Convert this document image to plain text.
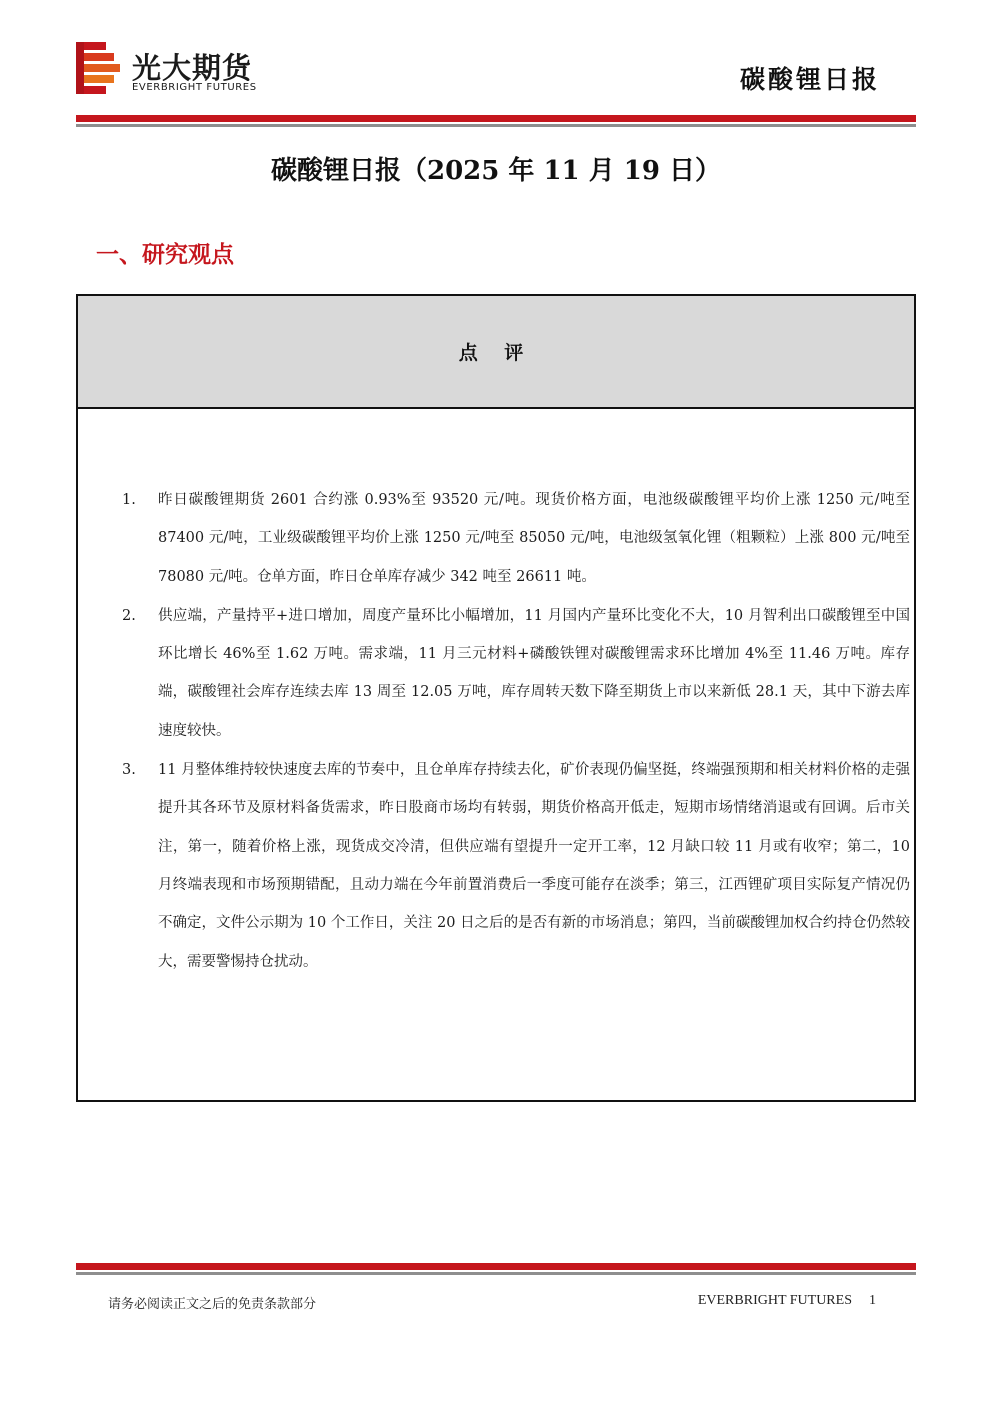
光大期货
EVERBRIGHT FUTURES	碳酸锂日报
碳酸锂日报（2025 年 11 月 19 日）
一、研究观点
点 评
1. 昨日碳酸锂期货 2601 合约涨 0.93%至 93520 元/吨。现货价格方面，电池级碳酸锂平均价上涨 1250 元/吨至 87400 元/吨，工业级碳酸锂平均价上涨 1250 元/吨至 85050 元/吨，电池级氢氧化锂（粗颗粒）上涨 800 元/吨至 78080 元/吨。仓单方面，昨日仓单库存减少 342 吨至 26611 吨。
2. 供应端，产量持平+进口增加，周度产量环比小幅增加，11 月国内产量环比变化不大，10 月智利出口碳酸锂至中国环比增长 46%至 1.62 万吨。需求端，11 月三元材料+磷酸铁锂对碳酸锂需求环比增加 4%至 11.46 万吨。库存端，碳酸锂社会库存连续去库 13 周至 12.05 万吨，库存周转天数下降至期货上市以来新低 28.1 天，其中下游去库速度较快。
3. 11 月整体维持较快速度去库的节奏中，且仓单库存持续去化，矿价表现仍偏坚挺，终端强预期和相关材料价格的走强提升其各环节及原材料备货需求，昨日股商市场均有转弱，期货价格高开低走，短期市场情绪消退或有回调。后市关注，第一，随着价格上涨，现货成交冷清，但供应端有望提升一定开工率，12 月缺口较 11 月或有收窄；第二，10 月终端表现和市场预期错配，且动力端在今年前置消费后一季度可能存在淡季；第三，江西锂矿项目实际复产情况仍不确定，文件公示期为 10 个工作日，关注 20 日之后的是否有新的市场消息；第四，当前碳酸锂加权合约持仓仍然较大，需要警惕持仓扰动。
请务必阅读正文之后的免责条款部分	EVERBRIGHT FUTURES 1
